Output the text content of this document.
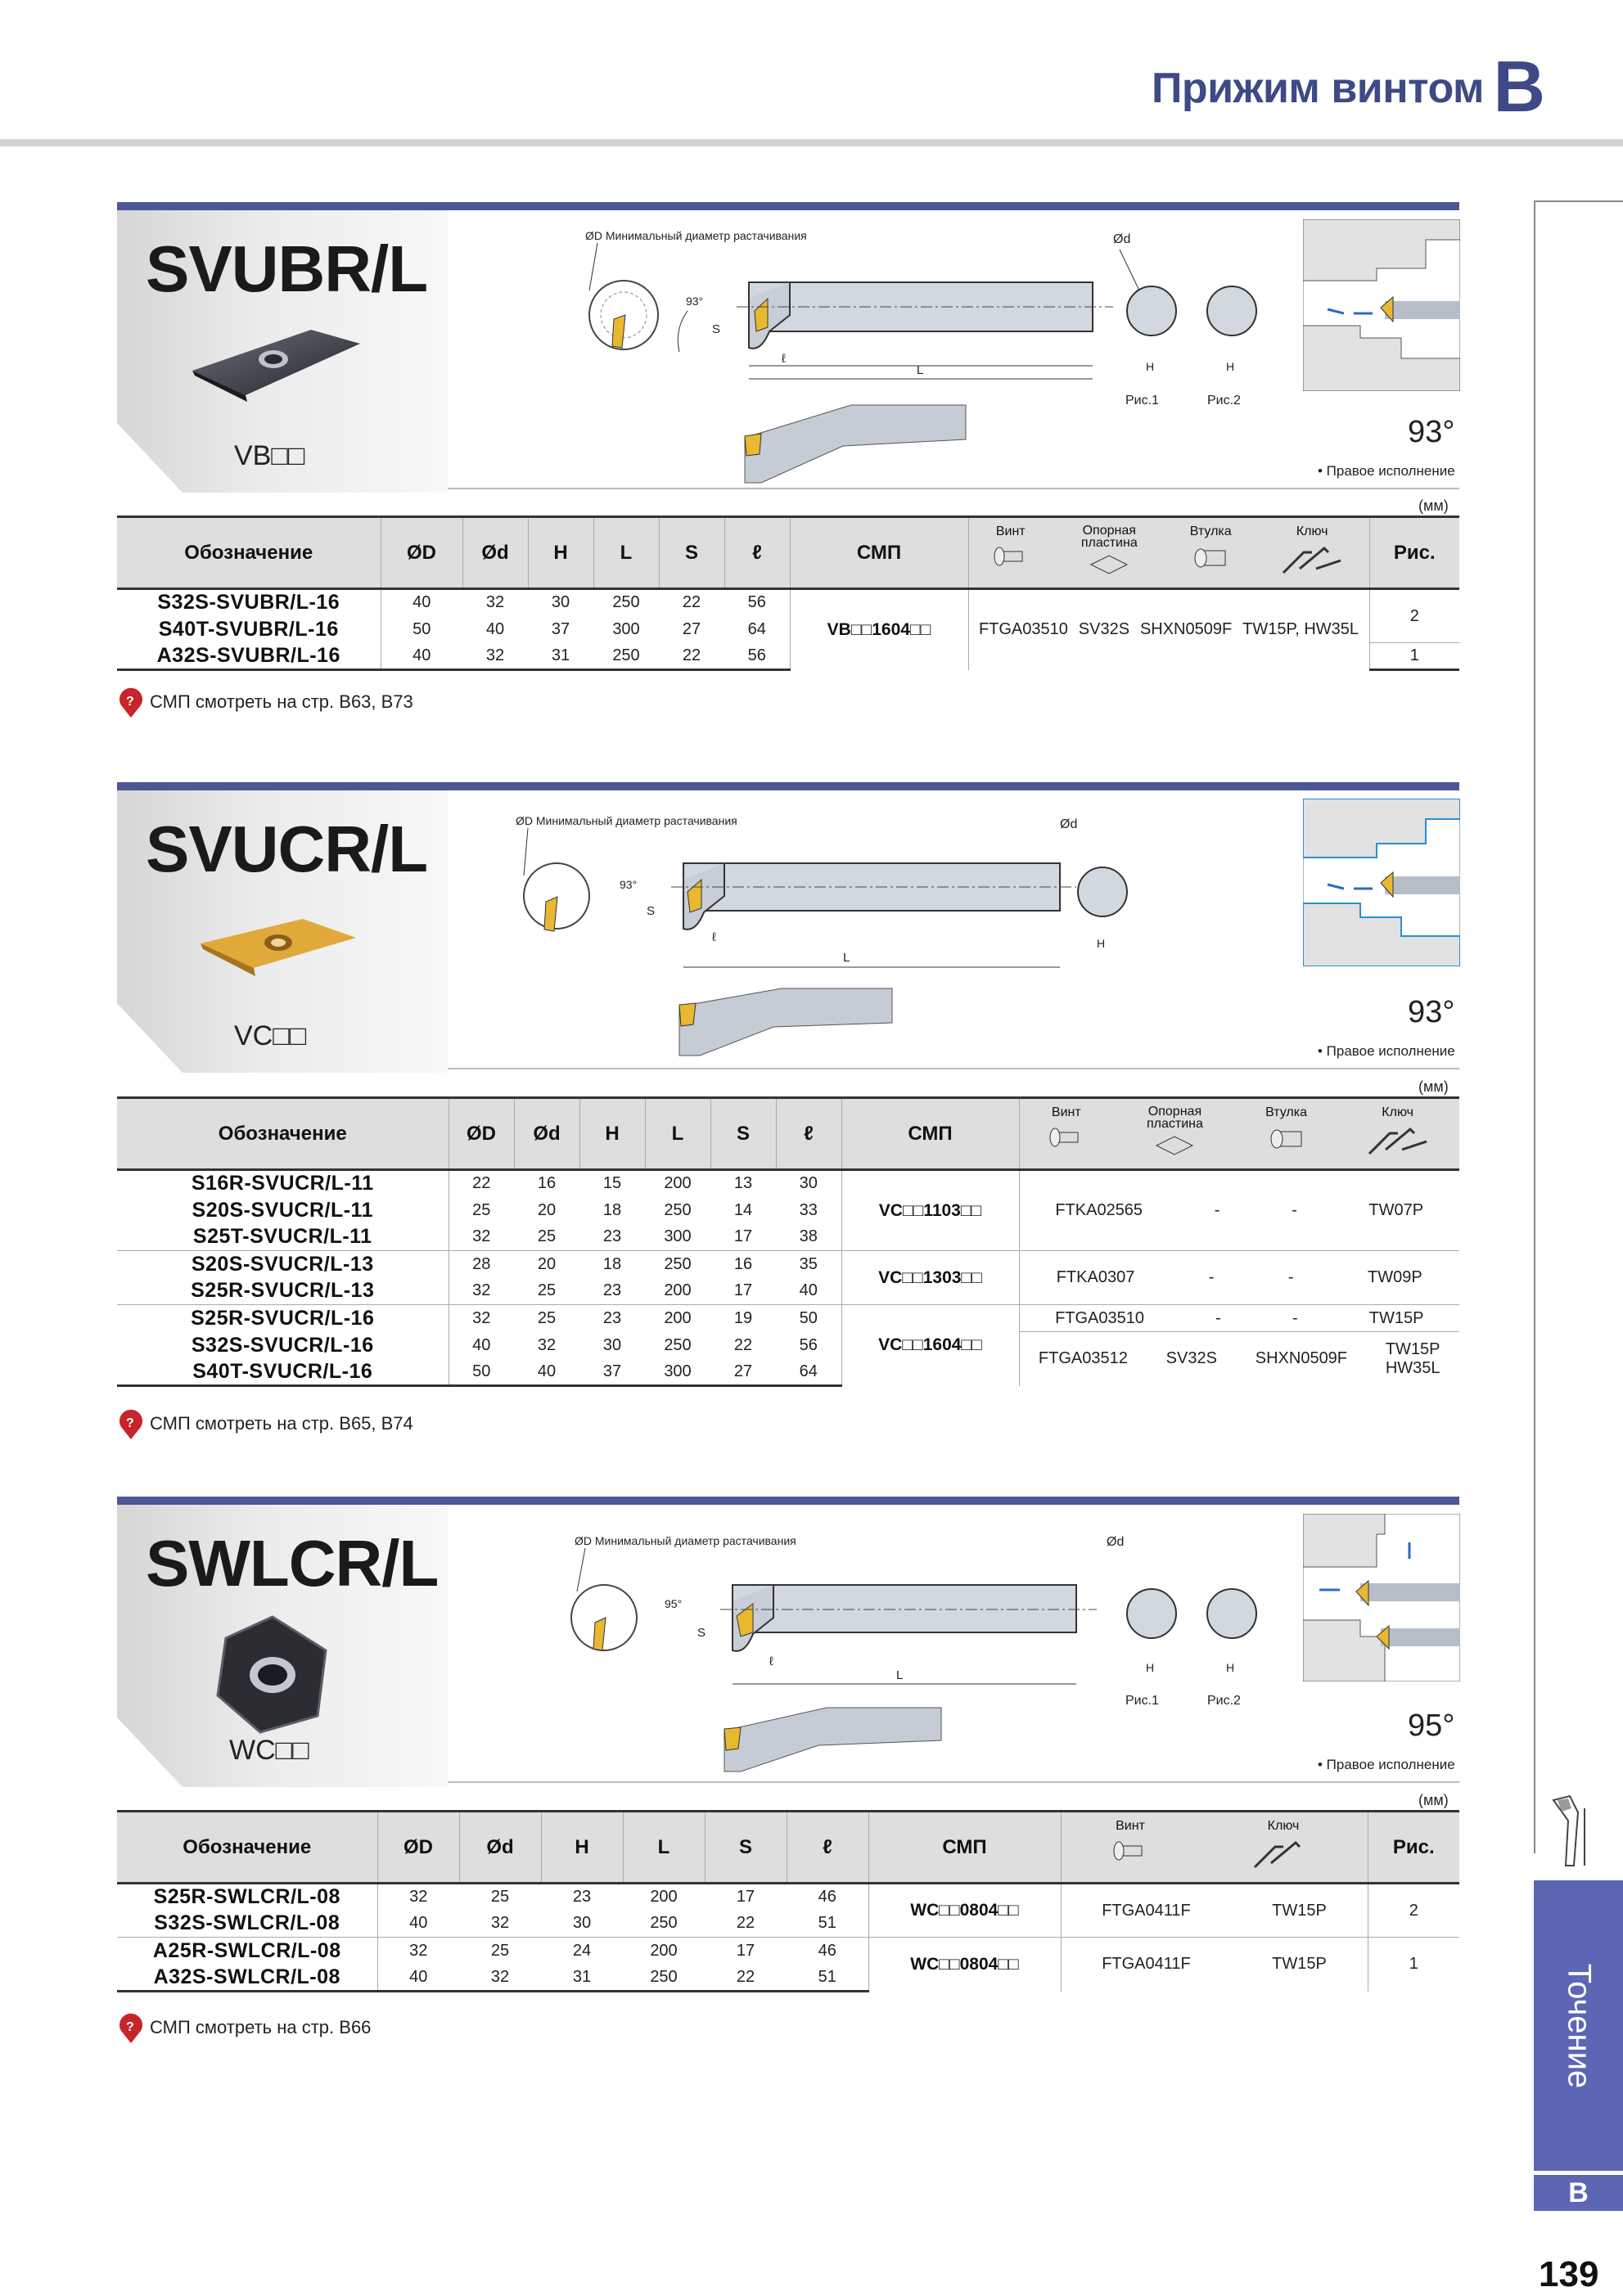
Прижим винтом B
Точение
B
139
SVUBR/L
VB□□
ØD Минимальный диаметр растачивания
93°
S
ℓ
L
Ød
H	H
Рис.1	Рис.2
93°
• Правое исполнение
(мм)
Обозначение	ØD	Ød	H	L	S	ℓ	СМП	Винт Опорная пластина
Втулка Ключ	Рис.
S32S-SVUBR/L-16	40	32	30	250	22	56	VB□□1604□□	FTGA03510 SV32S SHXN0509F TW15P, HW35L	2
S40T-SVUBR/L-16	50	40	37	300	27	64			
A32S-SVUBR/L-16	40	32	31	250	22	56			1
? СМП смотреть на стр. B63, B73
SVUCR/L
VC□□
ØD Минимальный диаметр растачивания
93°
S
ℓ
L
Ød
H
93°
• Правое исполнение
(мм)
Обозначение	ØD	Ød	H	L	S	ℓ	СМП	Винт Опорная пластина
Втулка Ключ

S16R-SVUCR/L-11	22	16	15	200	13	30	VC□□1103□□	FTKA02565 - - TW07P

S20S-SVUCR/L-11	25	20	18	250	14	33		
S25T-SVUCR/L-11	32	25	23	300	17	38		
S20S-SVUCR/L-13	28	20	18	250	16	35	VC□□1303□□	FTKA0307 - - TW09P

S25R-SVUCR/L-13	32	25	23	200	17	40		
S25R-SVUCR/L-16	32	25	23	200	19	50	VC□□1604□□	FTGA03510 - - TW15P

S32S-SVUCR/L-16	40	32	30	250	22	56		FTGA03512 SV32S SHXN0509F
TW15P
HW35L

S40T-SVUCR/L-16	50	40	37	300	27	64		
? СМП смотреть на стр. B65, B74
SWLCR/L
WC□□
ØD Минимальный диаметр растачивания
95°
S
ℓ
L
Ød
H	H
Рис.1	Рис.2
95°
• Правое исполнение
(мм)
Обозначение	ØD	Ød	H	L	S	ℓ	СМП	Винт Ключ	Рис.
S25R-SWLCR/L-08	32	25	23	200	17	46	WC□□0804□□	FTGA0411F TW15P	2
S32S-SWLCR/L-08	40	32	30	250	22	51			
A25R-SWLCR/L-08	32	25	24	200	17	46	WC□□0804□□	FTGA0411F TW15P	1
A32S-SWLCR/L-08	40	32	31	250	22	51			
? СМП смотреть на стр. B66
